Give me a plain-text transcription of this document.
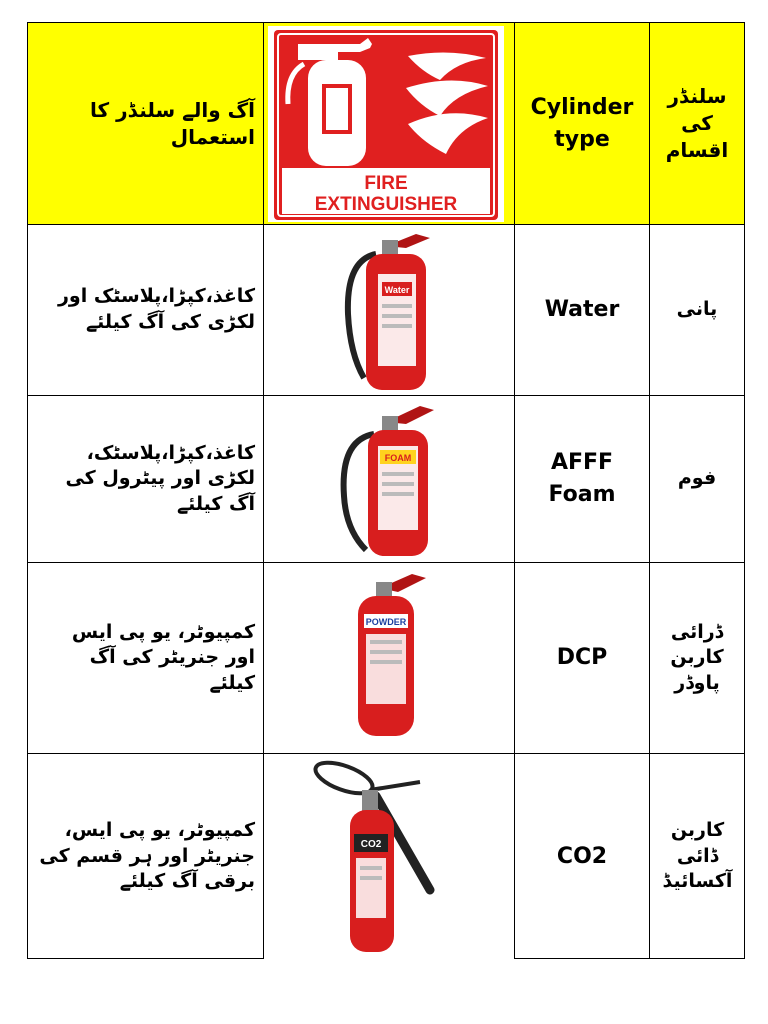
آگ والے سلنڈر کا استعمال
Cylinder type
سلنڈر کی اقسام
کاغذ،کپڑا،پلاسٹک اور لکڑی کی آگ کیلئے	Water	پانی
کاغذ،کپڑا،پلاسٹک، لکڑی اور پیٹرول کی آگ کیلئے
AFFF Foam
فوم
کمپیوٹر، یو پی ایس اور جنریٹر کی آگ کیلئے
DCP
ڈرائی کاربن پاوڈر
کمپیوٹر، یو پی ایس، جنریٹر اور ہر قسم کی برقی آگ کیلئے
CO2
کاربن ڈائی آکسائیڈ
FIRE
EXTINGUISHER
Water
FOAM
POWDER
CO2
